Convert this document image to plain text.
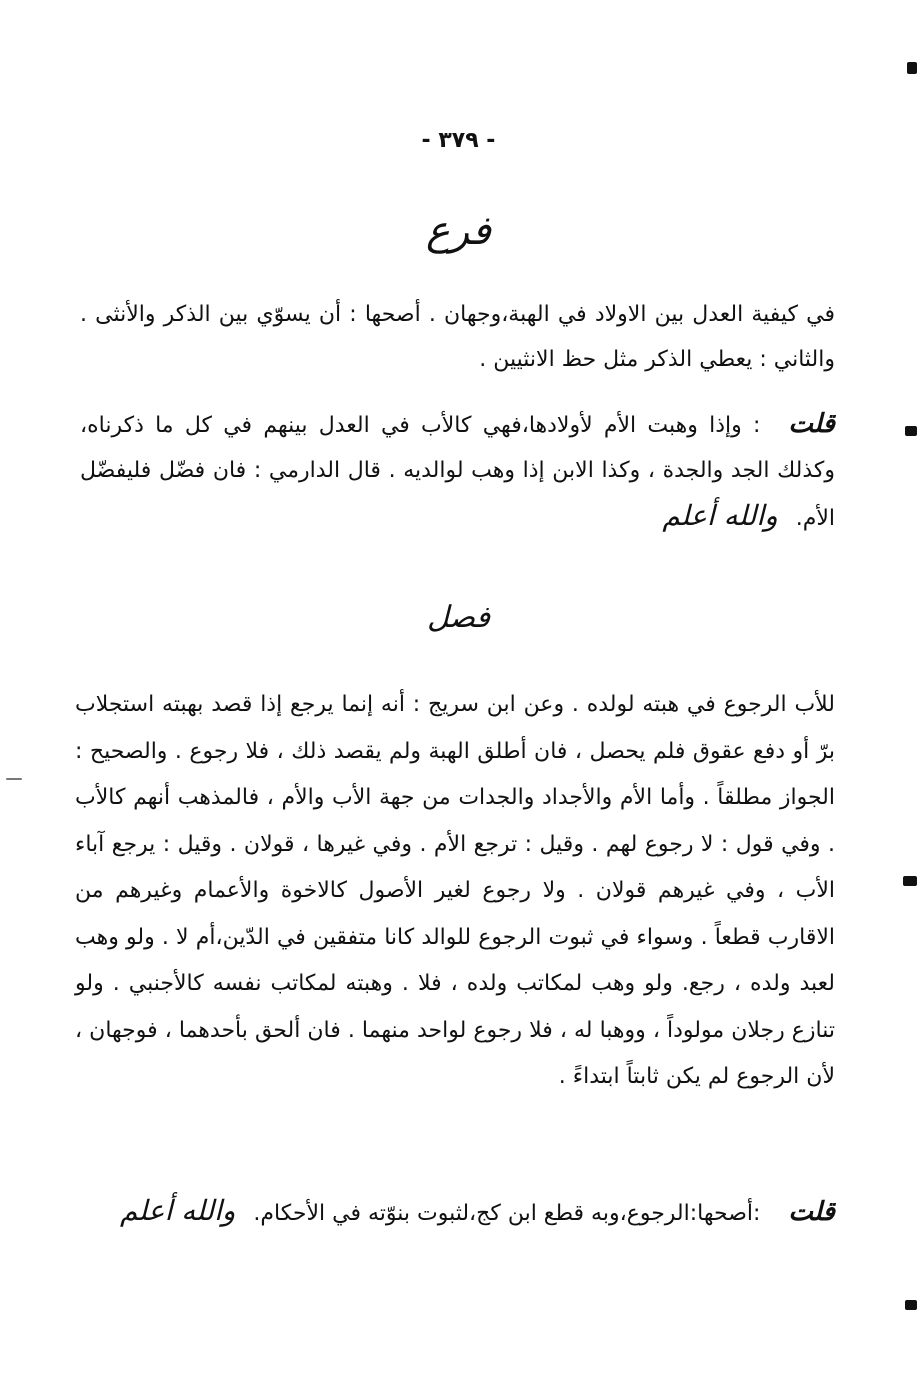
- ٣٧٩ -
فرع
في كيفية العدل بين الاولاد في الهبة،وجهان . أصحها : أن يسوّي بين الذكر والأنثى . والثاني : يعطي الذكر مثل حظ الانثيين .
قلت: وإذا وهبت الأم لأولادها،فهي كالأب في العدل بينهم في كل ما ذكرناه، وكذلك الجد والجدة ، وكذا الابن إذا وهب لوالديه . قال الدارمي : فان فضّل فليفضّل الأم.والله أعلم
فصل
للأب الرجوع في هبته لولده . وعن ابن سريج : أنه إنما يرجع إذا قصد بهبته استجلاب برّ أو دفع عقوق فلم يحصل ، فان أطلق الهبة ولم يقصد ذلك ، فلا رجوع . والصحيح : الجواز مطلقاً . وأما الأم والأجداد والجدات من جهة الأب والأم ، فالمذهب أنهم كالأب . وفي قول : لا رجوع لهم . وقيل : ترجع الأم . وفي غيرها ، قولان . وقيل : يرجع آباء الأب ، وفي غيرهم قولان . ولا رجوع لغير الأصول كالاخوة والأعمام وغيرهم من الاقارب قطعاً . وسواء في ثبوت الرجوع للوالد كانا متفقين في الدّين،أم لا . ولو وهب لعبد ولده ، رجع. ولو وهب لمكاتب ولده ، فلا . وهبته لمكاتب نفسه كالأجنبي . ولو تنازع رجلان مولوداً ، ووهبا له ، فلا رجوع لواحد منهما . فان ألحق بأحدهما ، فوجهان ، لأن الرجوع لم يكن ثابتاً ابتداءً .
قلت:أصحها:الرجوع،وبه قطع ابن كج،لثبوت بنوّته في الأحكام.والله أعلم
